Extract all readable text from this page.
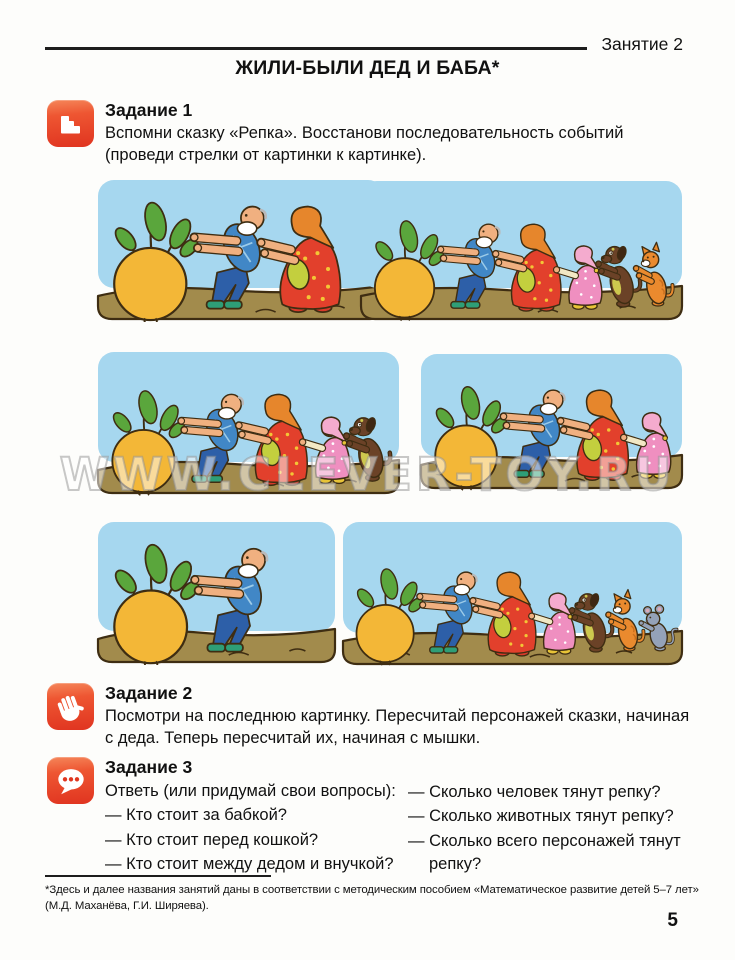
Занятие 2
ЖИЛИ-БЫЛИ ДЕД И БАБА*
Задание 1
Вспомни сказку «Репка». Восстанови последовательность событий (проведи стрелки от картинки к картинке).
WWW.CLEVER-TOY.RU
Задание 2
Посмотри на последнюю картинку. Пересчитай персонажей сказки, начиная с деда. Теперь пересчитай их, начиная с мышки.
Задание 3
Ответь (или придумай свои вопросы):
— Кто стоит за бабкой?
— Кто стоит перед кошкой?
— Кто стоит между дедом и внучкой?
— Сколько человек тянут репку?
— Сколько животных тянут репку?
— Сколько всего персонажей тянут репку?
*Здесь и далее названия занятий даны в соответствии с методическим пособием «Математическое развитие детей 5–7 лет» (М.Д. Маханёва, Г.И. Ширяева).
5
